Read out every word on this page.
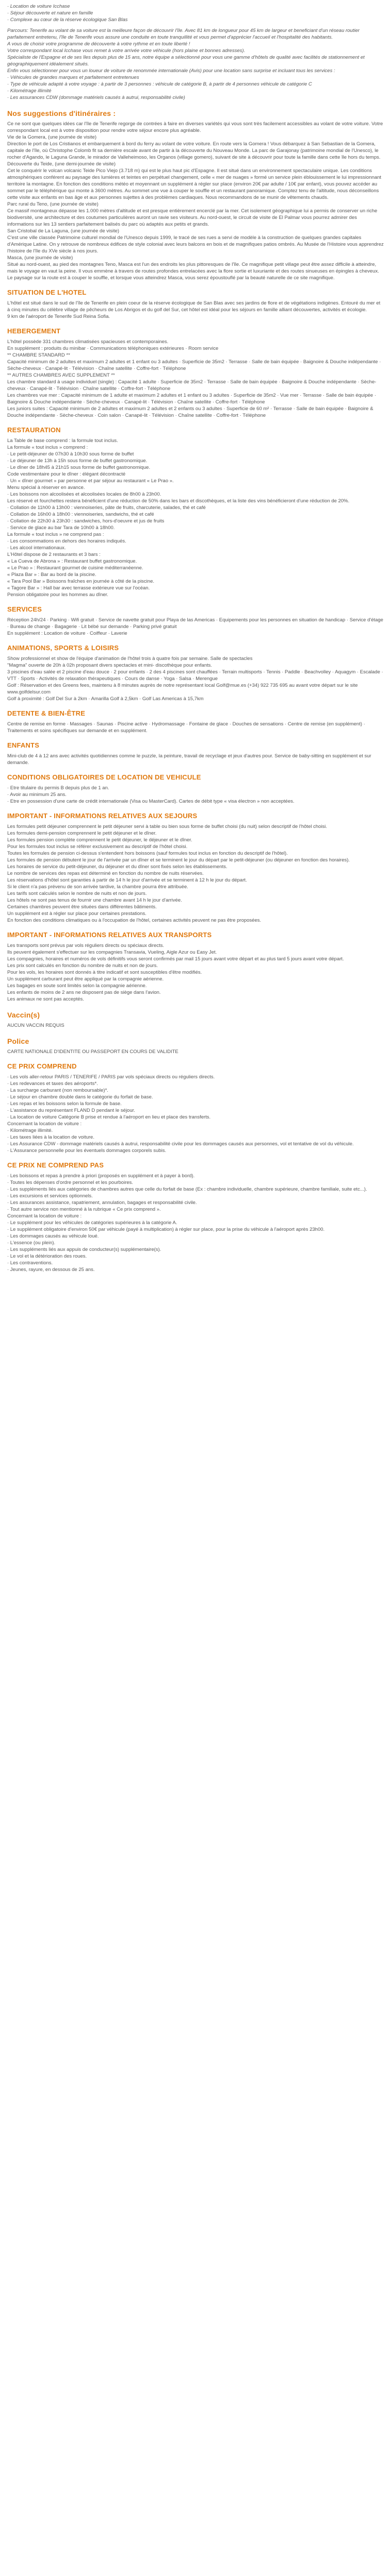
· Location de voiture Icchase

· Séjour découverte et nature en famille

· Complexe au cœur de la réserve écologique San Blas

Parcours: Tenerife au volant de sa voiture est la meilleure façon de découvrir l'île. Avec 81 km de longueur pour 45 km de largeur et beneficiant d'un réseau routier parfaitement entretenu, l'île de Tenerife vous assure une conduite en toute tranquillité et vous permet d'apprécier l'accueil et l'hospitalité des habitants.

A vous de choisir votre programme de découverte à votre rythme et en toute liberté !

Votre correspondant local Icchase vous remet à votre arrivée votre véhicule (hors plaine et bonnes adresses).

Spécialiste de l'Espagne et de ses îles depuis plus de 15 ans, notre équipe a sélectionné pour vous une gamme d'hôtels de qualité avec facilités de stationnement et géographiquement idéalement situés.

Enfin vous sélectionner pour vous un loueur de voiture de renommée internationale (Avis) pour une location sans surprise et incluant tous les services :

· Véhicules de grandes marques et parfaitement entretenues

· Type de véhicule adapté à votre voyage : à partir de 3 personnes : véhicule de catégorie B, à partir de 4 personnes véhicule de catégorie C

· Kilométrage illimité

· Les assurances CDW (dommage matériels causés à autrui, responsabilité civile)

Nos suggestions d'itinéraires :

Ce ne sont que quelques idées car l'île de Tenerife regorge de contrées à faire en diverses variétés qui vous sont très facilement accessibles au volant de votre voiture. Votre correspondant local est à votre disposition pour rendre votre séjour encore plus agréable.

Vie de la Gomera, (une journée de visite)

Direction le port de Los Cristianos et embarquement à bord du ferry au volant de votre voiture. En route vers la Gomera ! Vous débarquez à San Sebastian de la Gomera, capitale de l'île, où Christophe Colomb fit sa dernière escale avant de partir à la découverte du Nouveau Monde. La parc de Garajonay (patrimoine mondial de l'Unesco), le rocher d'Agando, le Laguna Grande, le mirador de Valleheimoso, les Organos (village gomero), suivant de site à découvrir pour toute la famille dans cette île hors du temps.

Découverte du Teide, (une demi-journée de visite)

Cet le conquérir le volcan volcanic Teide Pico Viejo (3.718 m) qui est le plus haut pic d'Espagne. Il est situé dans un environnement spectaculaire unique. Les conditions atmosphériques conférent au paysage des lumières et teintes en perpétuel changement, celle « mer de nuages » formé un service plein éblouissement le lui impressionnant territoire la montagne. En fonction des conditions météo et moyennant un supplément à régler sur place (environ 20€ par adulte / 10€ par enfant), vous pouvez accéder au sommet par le téléphérique qui monte à 3600 mètres. Au sommet une vue à couper le souffle et un restaurant panoramique. Comptez tenu de l'altitude, nous déconseillons cette visite aux enfants en bas âge et aux personnes sujettes à des problèmes cardiaques. Nous recommandons de se munir de vêtements chauds.

Parc rural du Teno, (une journée de visite)

Ce massif montagneux dépasse les 1.000 mètres d'altitude et est presque entièrement encerclé par la mer. Cet isolement géographique lui a permis de conserver un riche biodiversité, une architecture et des coutumes particulières auront un ravie ses visiteurs. Au nord-ouest, le circuit de visite de El Palmar vous pourrez admirer des informations sur les 13 sentiers parfaitement balisés du parc où adaptés aux petits et grands.

San Cristobal de La Laguna, (une journée de visite)

C'est une ville classée Patrimoine culturel mondial de l'Unesco depuis 1999, le tracé de ses rues a servi de modèle à la construction de quelques grandes capitales d'Amérique Latine. On y retrouve de nombreux édifices de style colonial avec leurs balcons en bois et de magnifiques patios ombrés. Au Musée de l'Histoire vous apprendrez l'histoire de l'île du XVe siècle à nos jours.

Masca, (une journée de visite)

Situé au nord-ouest, au pied des montagnes Teno, Masca est l'un des endroits les plus pittoresques de l'île. Ce magnifique petit village peut être assez difficile à atteindre, mais le voyage en vaut la peine. Il vous emmène à travers de routes profondes entrelacées avec la flore sortie et luxuriante et des routes sinueuses en épingles à cheveux. Le paysage sur la route est à couper le souffle, et lorsque vous atteindrez Masca, vous serez époustouflé par la beauté naturelle de ce site magnifique.

SITUATION DE L'HOTEL

L'hôtel est situé dans le sud de l'île de Tenerife en plein coeur de la réserve écologique de San Blas avec ses jardins de flore et de végétations indigènes. Entouré du mer et à cinq minutes du célèbre village de pêcheurs de Los Abrigos et du golf del Sur, cet hôtel est idéal pour les séjours en famille alliant découvertes, activités et écologie.

9 km de l'aéroport de Tenerife Sud Reina Sofia.

HEBERGEMENT

L'hôtel possède 331 chambres climatisées spacieuses et contemporaines.

En supplément : produits du minibar · Communications téléphoniques extérieures · Room service

** CHAMBRE STANDARD **

Capacité minimum de 2 adultes et maximum 2 adultes et 1 enfant ou 3 adultes · Superficie de 35m2 · Terrasse · Salle de bain équipée · Baignoire & Douche indépendante · Sèche-cheveux · Canapé-lit · Télévision · Chaîne satellite · Coffre-fort · Téléphone

** AUTRES CHAMBRES AVEC SUPPLEMENT **

Les chambre standard à usage individuel (single) : Capacité 1 adulte · Superficie de 35m2 · Terrasse · Salle de bain équipée · Baignoire & Douche indépendante · Sèche-cheveux · Canapé-lit · Télévision · Chaîne satellite · Coffre-fort · Téléphone

Les chambres vue mer : Capacité minimum de 1 adulte et maximum 2 adultes et 1 enfant ou 3 adultes · Superficie de 35m2 · Vue mer · Terrasse · Salle de bain équipée · Baignoire & Douche indépendante · Sèche-cheveux · Canapé-lit · Télévision · Chaîne satellite · Coffre-fort · Téléphone

Les juniors suites : Capacité minimum de 2 adultes et maximum 2 adultes et 2 enfants ou 3 adultes · Superficie de 60 m² · Terrasse · Salle de bain équipée · Baignoire & Douche indépendante · Sèche-cheveux · Coin salon · Canapé-lit · Télévision · Chaîne satellite · Coffre-fort · Téléphone

RESTAURATION

La Table de base comprend : la formule tout inclus.

La formule « tout inclus » comprend :

· Le petit-déjeuner de 07h30 à 10h30 sous forme de buffet

· Le déjeuner de 13h à 15h sous forme de buffet gastronomique.

· Le dîner de 18h45 à 21h15 sous forme de buffet gastronomique.

Code vestimentaire pour le dîner : élégant décontracté

· Un « dîner gourmet » par personne et par séjour au restaurant « Le Prao ».

Menu spécial à réserver en avance.

· Les boissons non alcoolisées et alcoolisées locales de 8h00 à 23h00.

Les réservé et fourchettes restera bénéficient d'une réduction de 50% dans les bars et discothèques, et la liste des vins bénéficieront d'une réduction de 20%.

· Collation de 11h00 à 13h00 : viennoiseries, pâte de fruits, charcuterie, salades, thé et café

· Collation de 16h00 à 18h00 : viennoiseries, sandwichs, thé et café

· Collation de 22h30 à 23h30 : sandwiches, hors-d'oeuvre et jus de fruits

· Service de glace au bar Tara de 10h00 à 18h00.

La formule « tout inclus » ne comprend pas :

· Les consommations en dehors des horaires indiqués.

· Les alcool internationaux.

L'Hôtel dispose de 2 restaurants et 3 bars :

« La Cueva de Abrona » : Restaurant buffet gastronomique.

« Le Prao » : Restaurant gourmet de cuisine méditerranéenne.

« Plaza Bar » : Bar au bord de la piscine.

« Tara Pool Bar » Boissons fraîches en journée à côté de la piscine.

« Tagore Bar » : Hall bar avec terrasse extérieure vue sur l'océan.

Pension obligatoire pour les hommes au dîner.

SERVICES

Réception 24h/24 · Parking · Wifi gratuit · Service de navette gratuit pour Playa de las Americas · Equipements pour les personnes en situation de handicap · Service d'étage · Bureau de change · Bagagerie · Lit bébé sur demande · Parking privé gratuit

En supplément : Location de voiture · Coiffeur · Laverie

ANIMATIONS, SPORTS & LOISIRS

Show professionnel et show de l'équipe d'animation de l'hôtel trois à quatre fois par semaine. Salle de spectacles

"Magma" ouverte de 20h à 02h proposant divers spectacles et mini- discothèque pour enfants.

3 piscines d'eau salée et 2 piscine d'eau douce · 2 pour enfants · 2 des 4 piscines sont chauffées · Terrain multisports · Tennis · Paddle · Beachvolley · Aquagym · Escalade · VTT · Sports · Activités de relaxation thérapeutiques · Cours de danse · Yoga · Salsa · Merengue

Golf : Réservation et des Greens fees, maintenu à 8 minutes auprès de notre représentant local Golf@mue.es (+34) 922 735 695 au avant votre départ sur le site www.golfdelsur.com

Golf à proximité : Golf Del Sur à 2km · Amarilla Golf à 2,5km · Golf Las Americas à 15,7km

DETENTE & BIEN-ÊTRE

Centre de remise en forme · Massages · Saunas · Piscine active · Hydromassage · Fontaine de glace · Douches de sensations · Centre de remise (en supplément) · Traitements et soins spécifiques sur demande et en supplément.

ENFANTS

Mini-club de 4 à 12 ans avec activités quotidiennes comme le puzzle, la peinture, travail de recyclage et jeux d'autres pour. Service de baby-sitting en supplément et sur demande.

CONDITIONS OBLIGATOIRES DE LOCATION DE VEHICULE

· Etre titulaire du permis B depuis plus de 1 an.

· Avoir au minimum 25 ans.

· Etre en possession d'une carte de crédit internationale (Visa ou MasterCard). Cartes de débit type « visa électron » non acceptées.

IMPORTANT - INFORMATIONS RELATIVES AUX SEJOURS

Les formules petit déjeuner comprennent le petit déjeuner servi à table ou bien sous forme de buffet choisi (du nuit) selon descriptif de l'hôtel choisi.

Les formules demi-pension comprennent le petit déjeuner et le dîner.

Les formules pension complète comprennent le petit déjeuner, le déjeuner et le dîner.

Pour les formules tout inclus se référer exclusivement au descriptif de l'hôtel choisi.

Toutes les formules de pension ci-dessus s'entendent hors boissons (sauf formules tout inclus en fonction du descriptif de l'hôtel).

Les formules de pension débutent le jour de l'arrivée par un dîner et se terminent le jour du départ par le petit-déjeuner (ou déjeuner en fonction des horaires).

Les horaires de service du petit-déjeuner, du déjeuner et du dîner sont fixés selon les établissements.

Le nombre de services des repas est déterminé en fonction du nombre de nuits réservées.

Les réservations d'hôtel sont garanties à partir de 14 h le jour d'arrivée et se terminent à 12 h le jour du départ.

Si le client n'a pas prévenu de son arrivée tardive, la chambre pourra être attribuée.

Les tarifs sont calculés selon le nombre de nuits et non de jours.

Les hôtels ne sont pas tenus de fournir une chambre avant 14 h le jour d'arrivée.

Certaines chambres peuvent être situées dans différentes bâtiments.

Un supplément est à régler sur place pour certaines prestations.

En fonction des conditions climatiques ou à l'occupation de l'hôtel, certaines activités peuvent ne pas être proposées.

IMPORTANT - INFORMATIONS RELATIVES AUX TRANSPORTS

Les transports sont prévus par vols réguliers directs ou spéciaux directs.

Ils peuvent également s'effectuer sur les compagnies Transavia, Vueling, Aigle Azur ou Easy Jet.

Les compagnies, horaires et numéros de vols définitifs vous seront confirmés par mail 15 jours avant votre départ et au plus tard 5 jours avant votre départ.

Les prix sont calculés en fonction du nombre de nuits et non de jours.

Pour les vols, les horaires sont donnés à titre indicatif et sont susceptibles d'être modifiés.

Un supplément carburant peut être appliqué par la compagnie aérienne.

Les bagages en soute sont limités selon la compagnie aérienne.

Les enfants de moins de 2 ans ne disposent pas de siège dans l'avion.

Les animaux ne sont pas acceptés.

Vaccin(s)

AUCUN VACCIN REQUIS

Police

CARTE NATIONALE D'IDENTITE OU PASSEPORT EN COURS DE VALIDITE

CE PRIX COMPREND

· Les vols aller-retour PARIS / TENERIFE / PARIS par vols spéciaux directs ou réguliers directs.

· Les redevances et taxes des aéroports*.

· La surcharge carburant (non remboursable)*.

· Le séjour en chambre double dans le catégorie du forfait de base.

· Les repas et les boissons selon la formule de base.

· L'assistance du représentant FLAND D pendant le séjour.

· La location de voiture Catégorie B prise et rendue à l'aéroport en lieu et place des transferts.

Concernant la location de voiture :

· Kilométrage illimité.

· Les taxes liées à la location de voiture.

· Les Assurance CDW - dommage matériels causés à autrui, responsabilité civile pour les dommages causés aux personnes, vol et tentative de vol du véhicule.

· L'Assurance personnelle pour les éventuels dommages corporels subis.

CE PRIX NE COMPREND PAS

· Les boissons et repas à prendre à priori (proposés en supplément et à payer à bord).

· Toutes les dépenses d'ordre personnel et les pourboires.

· Les suppléments liés aux catégories de chambres autres que celle du forfait de base (Ex : chambre individuelle, chambre supérieure, chambre familiale, suite etc...).

· Les excursions et services optionnels.

· Les assurances assistance, rapatriement, annulation, bagages et responsabilité civile.

· Tout autre service non mentionné à la rubrique « Ce prix comprend ».

Concernant la location de voiture :

· Le supplément pour les véhicules de catégories supérieures à la catégorie A.

· Le supplément obligatoire d'environ 50€ par véhicule (payé à multiplication) à régler sur place, pour la prise du véhicule à l'aéroport après 23h00.

· Les dommages causés au véhicule loué.

· L'essence (ou plein).

· Les suppléments liés aux appuis de conducteur(s) supplémentaire(s).

· Le vol et la détérioration des roues.

· Les contraventions.

· Jeunes, rayure, en dessous de 25 ans.
